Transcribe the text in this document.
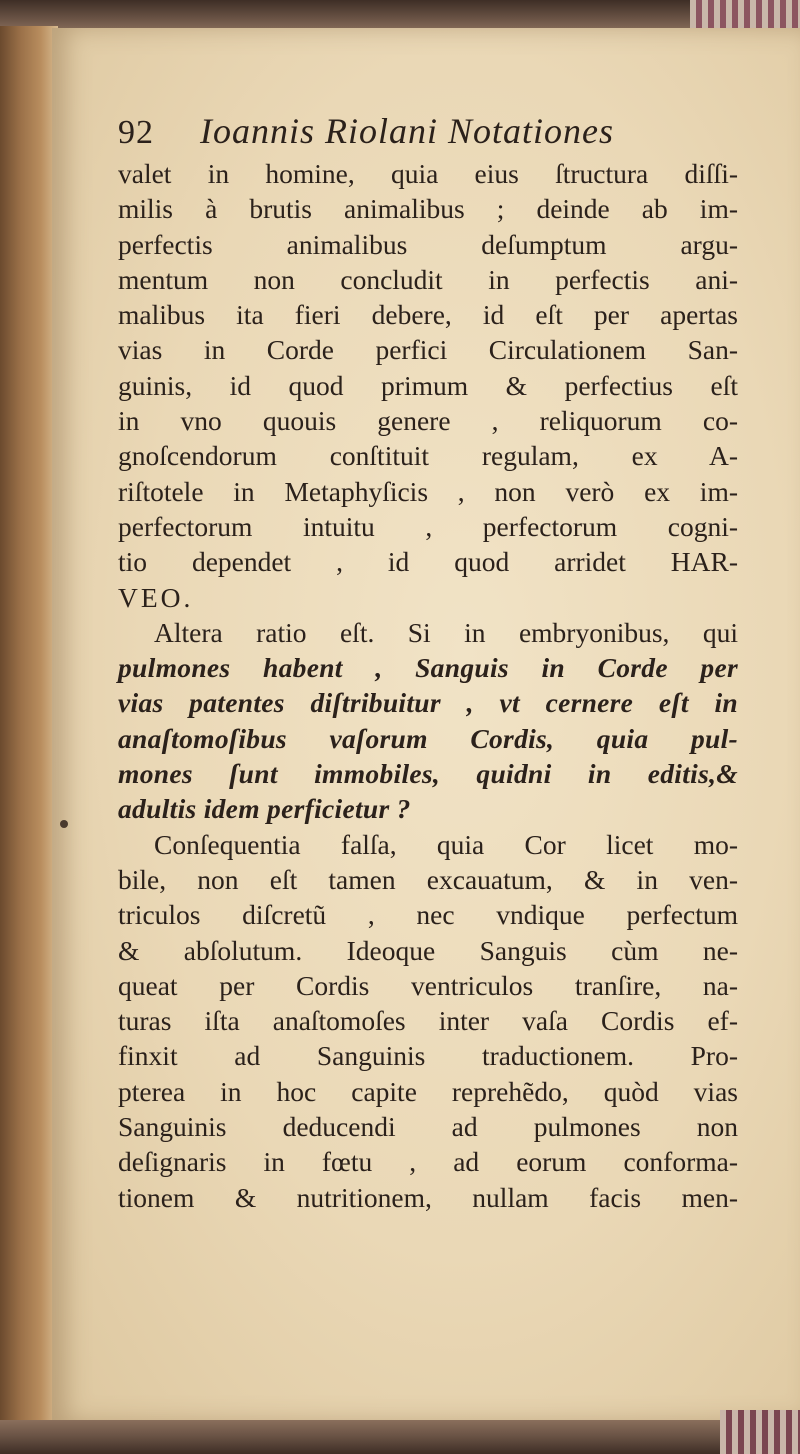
92	Ioannis Riolani Notationes
valet in homine, quia eius ſtructura diſſi-
milis à brutis animalibus ; deinde ab im-
perfectis animalibus deſumptum argu-
mentum non concludit in perfectis ani-
malibus ita fieri debere, id eſt per apertas
vias in Corde perfici Circulationem San-
guinis, id quod primum & perfectius eſt
in vno quouis genere , reliquorum co-
gnoſcendorum conſtituit regulam, ex A-
riſtotele in Metaphyſicis , non verò ex im-
perfectorum intuitu , perfectorum cogni-
tio dependet , id quod arridet HAR-
VEO.
Altera ratio eſt. Si in embryonibus, qui
pulmones habent , Sanguis in Corde per
vias patentes diſtribuitur , vt cernere eſt in
anaſtomoſibus vaſorum Cordis, quia pul-
mones ſunt immobiles, quidni in editis,&
adultis idem perficietur ?
Conſequentia falſa, quia Cor licet mo-
bile, non eſt tamen excauatum, & in ven-
triculos diſcretũ , nec vndique perfectum
& abſolutum. Ideoque Sanguis cùm ne-
queat per Cordis ventriculos tranſire, na-
turas iſta anaſtomoſes inter vaſa Cordis ef-
finxit ad Sanguinis traductionem. Pro-
pterea in hoc capite reprehẽdo, quòd vias
Sanguinis deducendi ad pulmones non
deſignaris in fœtu , ad eorum conforma-
tionem & nutritionem, nullam facis men-
